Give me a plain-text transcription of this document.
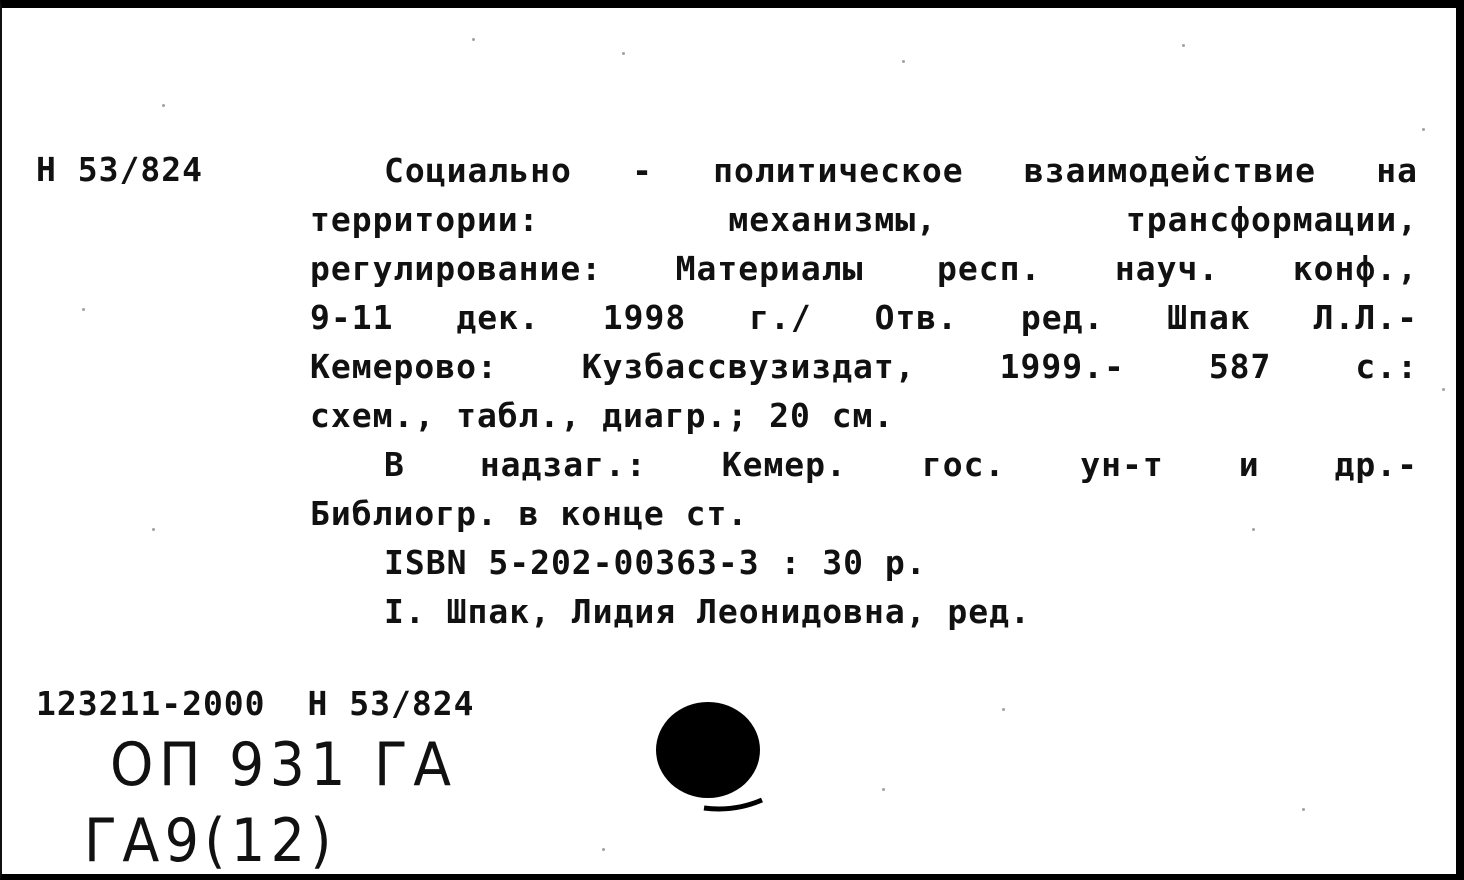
Н 53/824	Социально - политическое взаимодействие на
территории: механизмы, трансформации,
регулирование: Материалы респ. науч. конф.,
9-11 дек. 1998 г./ Отв. ред. Шпак Л.Л.-
Кемерово: Кузбассвузиздат, 1999.- 587 с.:
схем., табл., диагр.; 20 см.
В надзаг.: Кемер. гос. ун-т и др.-
Библиогр. в конце ст.
ISBN 5-202-00363-3 : 30 р.
I. Шпак, Лидия Леонидовна, ред.
123211-2000 Н 53/824
ОП 931 ГА
ГА9(12)
